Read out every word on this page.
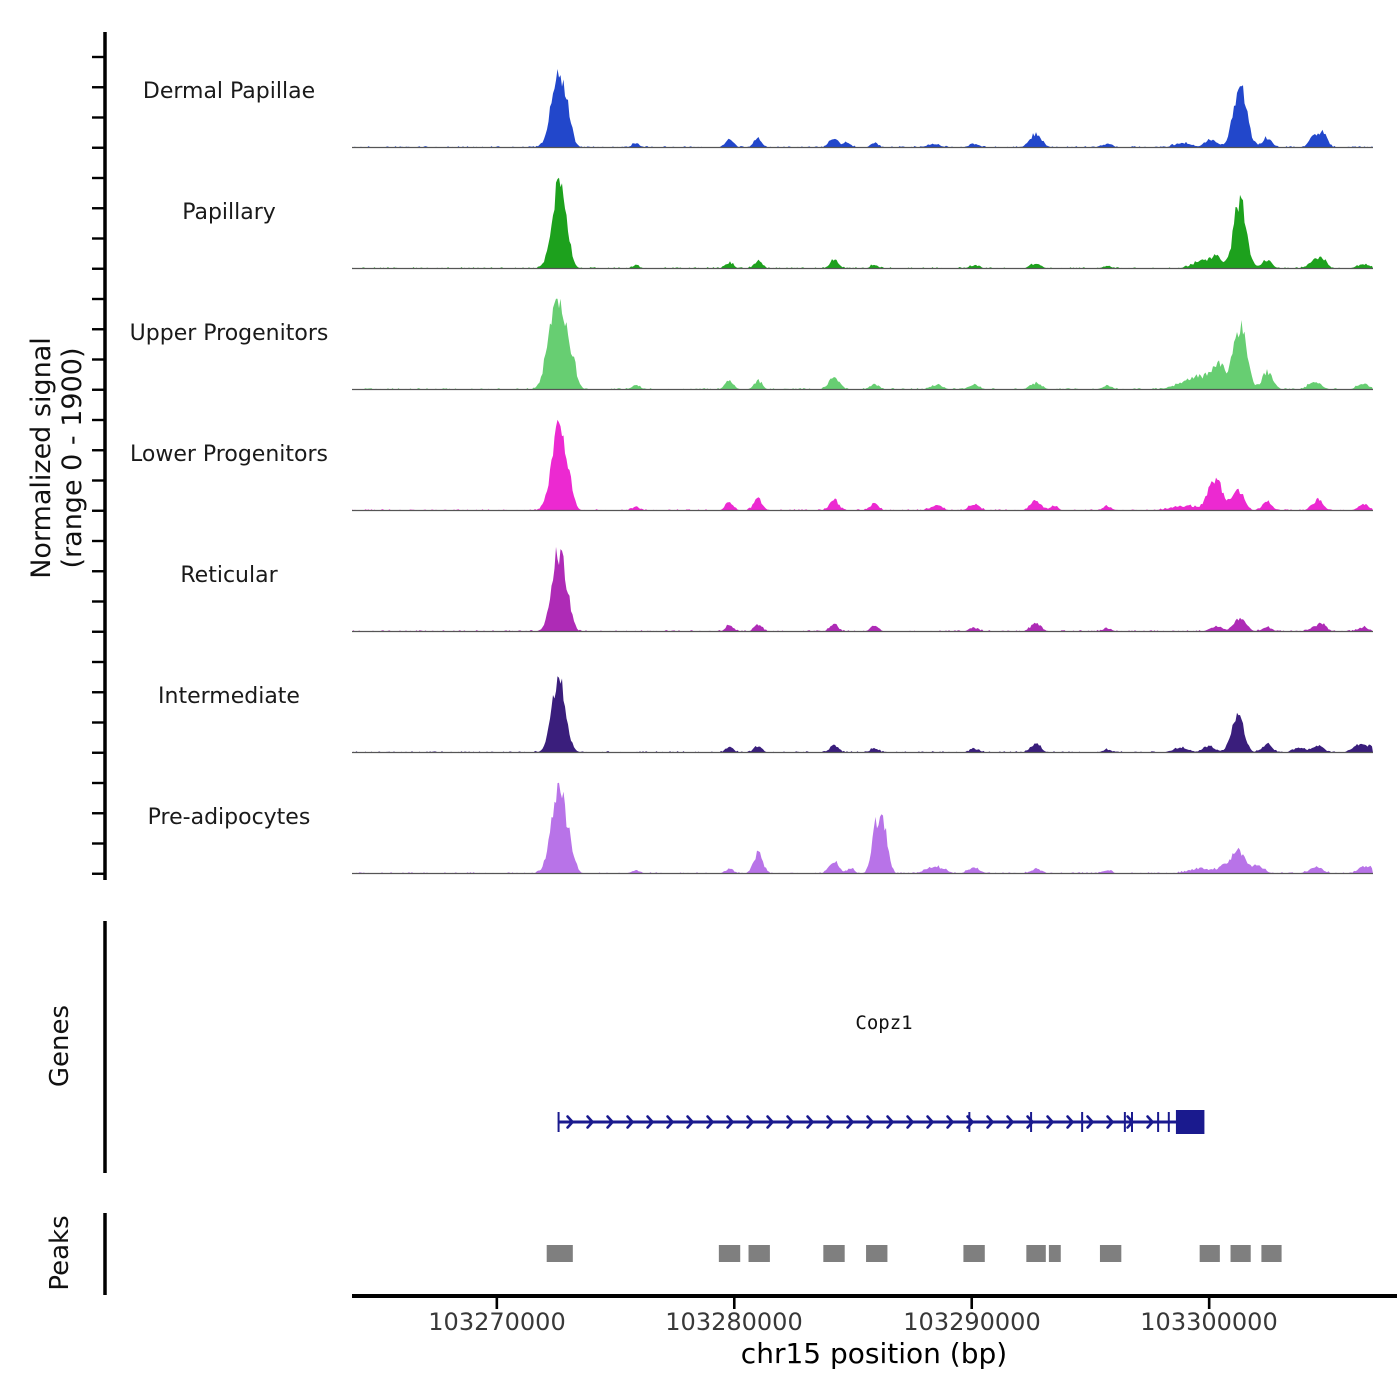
Normalized signal (range 0 - 1900)
Dermal Papillae
Papillary
Upper Progenitors
Lower Progenitors
Reticular
Intermediate
Pre-adipocytes
Genes
Peaks
Copz1
103270000	103280000	103290000	103300000
chr15 position (bp)
